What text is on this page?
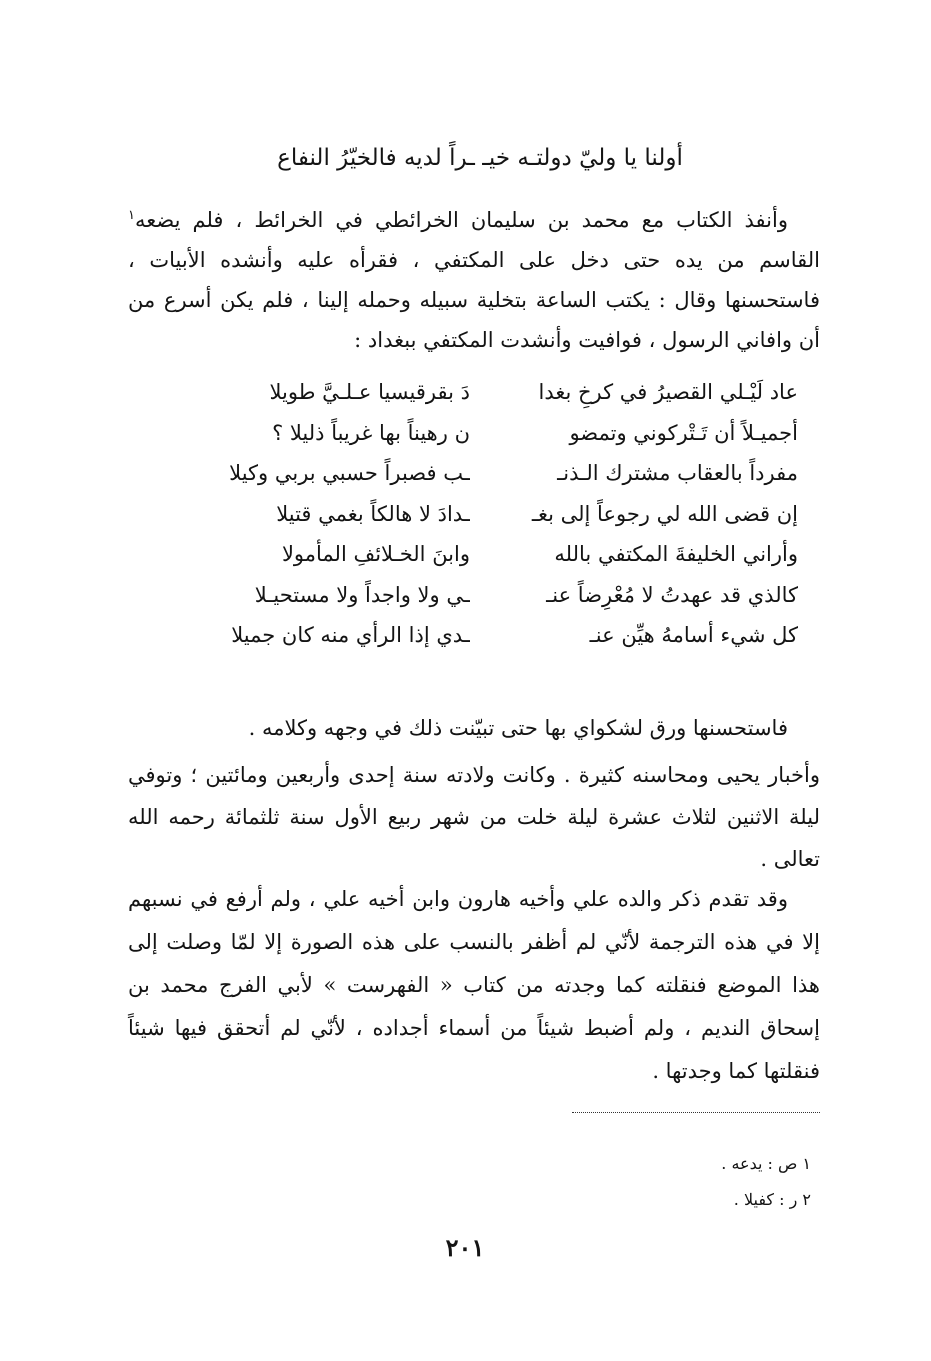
أولنا يا وليّ دولتـه خيـ ـراً لديه فالخيّرُ النفاع

وأنفذ الكتاب مع محمد بن سليمان الخرائطي في الخرائط ، فلم يضعه$^١$ القاسم من يده حتى دخل على المكتفي ، فقرأه عليه وأنشده الأبيات ، فاستحسنها وقال : يكتب الساعة بتخلية سبيله وحمله إلينا ، فلم يكن أسرع من أن وافاني الرسول ، فوافيت وأنشدت المكتفي ببغداد :

عاد لَيْـلي القصيرُ في كرخِ بغدا
دَ بقرقيسيا عـلـيَّ طويلا
أجميـلاً أن تَـتْركوني وتمضو
ن رهيناً بها غريباً ذليلا ؟
مفرداً بالعقاب مشترك الـذنـ
ـب فصبراً حسبي بربي وكيلا
إن قضى الله لي رجوعاً إلى بغـ
ـدادَ لا هالكاً بغمي قتيلا
وأراني الخليفةَ المكتفي بالله
وابنَ الخـلائفِ المأمولا
كالذي قد عهدتُ لا مُعْرِضاً عنـ
ـي ولا واجداً ولا مستحيـلا
كل شيء أسامهُ هيِّن عنـ
ـدي إذا الرأي منه كان جميلا

فاستحسنها ورق لشكواي بها حتى تبيّنت ذلك في وجهه وكلامه .

وأخبار يحيى ومحاسنه كثيرة . وكانت ولادته سنة إحدى وأربعين ومائتين ؛ وتوفي ليلة الاثنين لثلاث عشرة ليلة خلت من شهر ربيع الأول سنة ثلثمائة رحمه الله تعالى .

وقد تقدم ذكر والده علي وأخيه هارون وابن أخيه علي ، ولم أرفع في نسبهم إلا في هذه الترجمة لأنّي لم أظفر بالنسب على هذه الصورة إلا لمّا وصلت إلى هذا الموضع فنقلته كما وجدته من كتاب « الفهرست » لأبي الفرج محمد بن إسحاق النديم ، ولم أضبط شيئاً من أسماء أجداده ، لأنّي لم أتحقق فيها شيئاً فنقلتها كما وجدتها .

١ ص : يدعه .
٢ ر : كفيلا .
٢٠١
